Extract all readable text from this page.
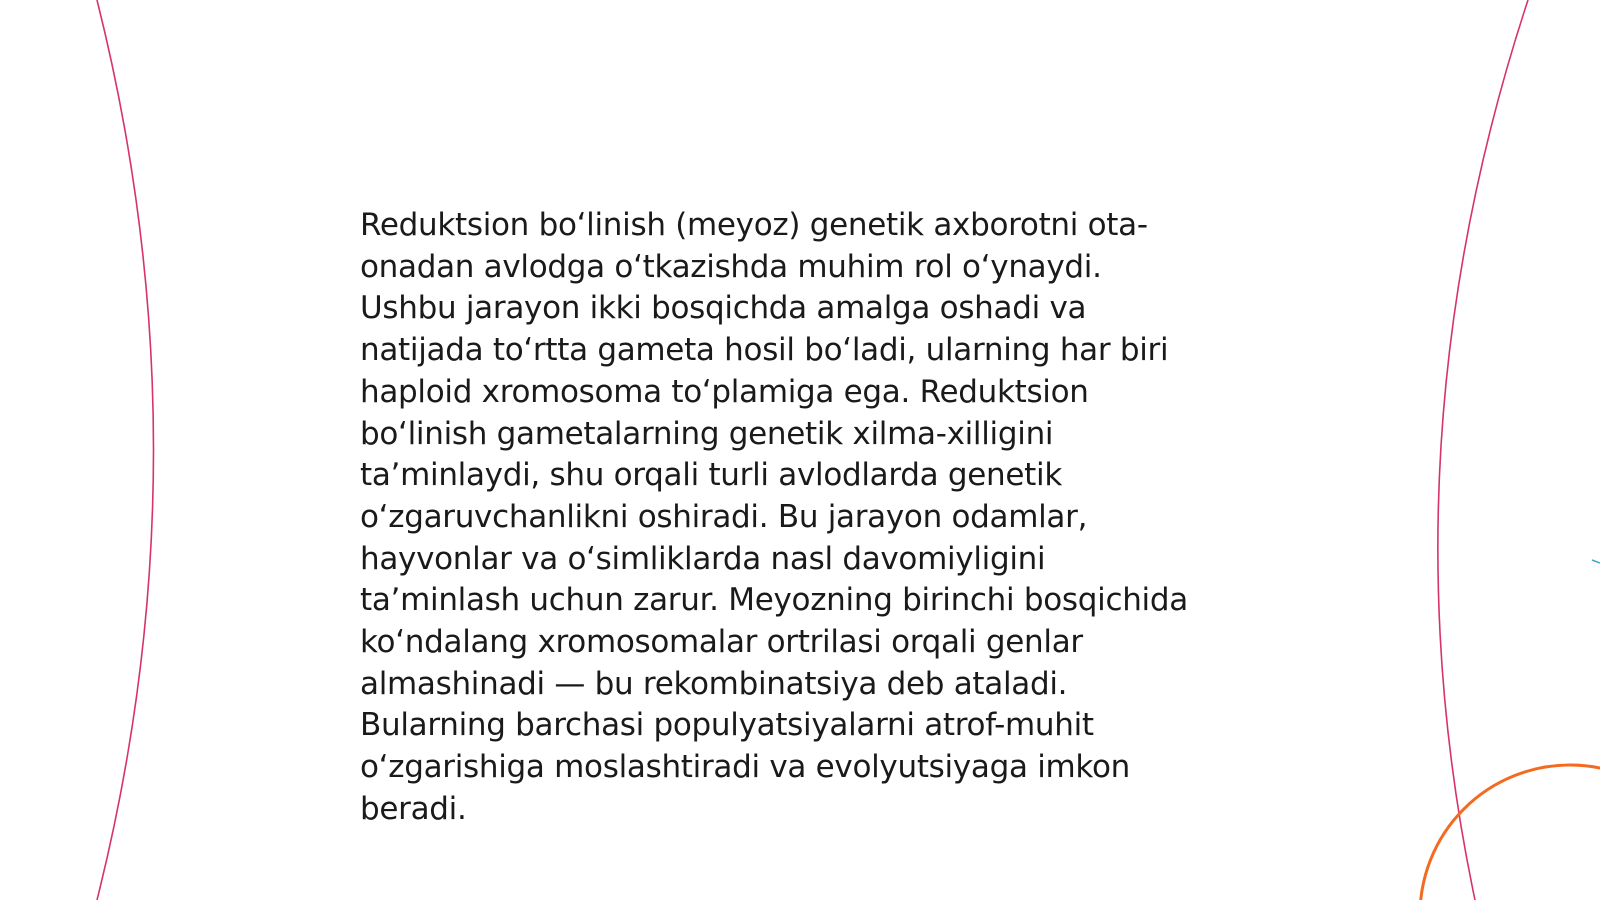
Reduktsion bo‘linish (meyoz) genetik axborotni ota-
onadan avlodga o‘tkazishda muhim rol o‘ynaydi.
Ushbu jarayon ikki bosqichda amalga oshadi va
natijada to‘rtta gameta hosil bo‘ladi, ularning har biri
haploid xromosoma to‘plamiga ega. Reduktsion
bo‘linish gametalarning genetik xilma-xilligini
ta’minlaydi, shu orqali turli avlodlarda genetik
o‘zgaruvchanlikni oshiradi. Bu jarayon odamlar,
hayvonlar va o‘simliklarda nasl davomiyligini
ta’minlash uchun zarur. Meyozning birinchi bosqichida
ko‘ndalang xromosomalar ortrilasi orqali genlar
almashinadi — bu rekombinatsiya deb ataladi.
Bularning barchasi populyatsiyalarni atrof-muhit
o‘zgarishiga moslashtiradi va evolyutsiyaga imkon
beradi.
